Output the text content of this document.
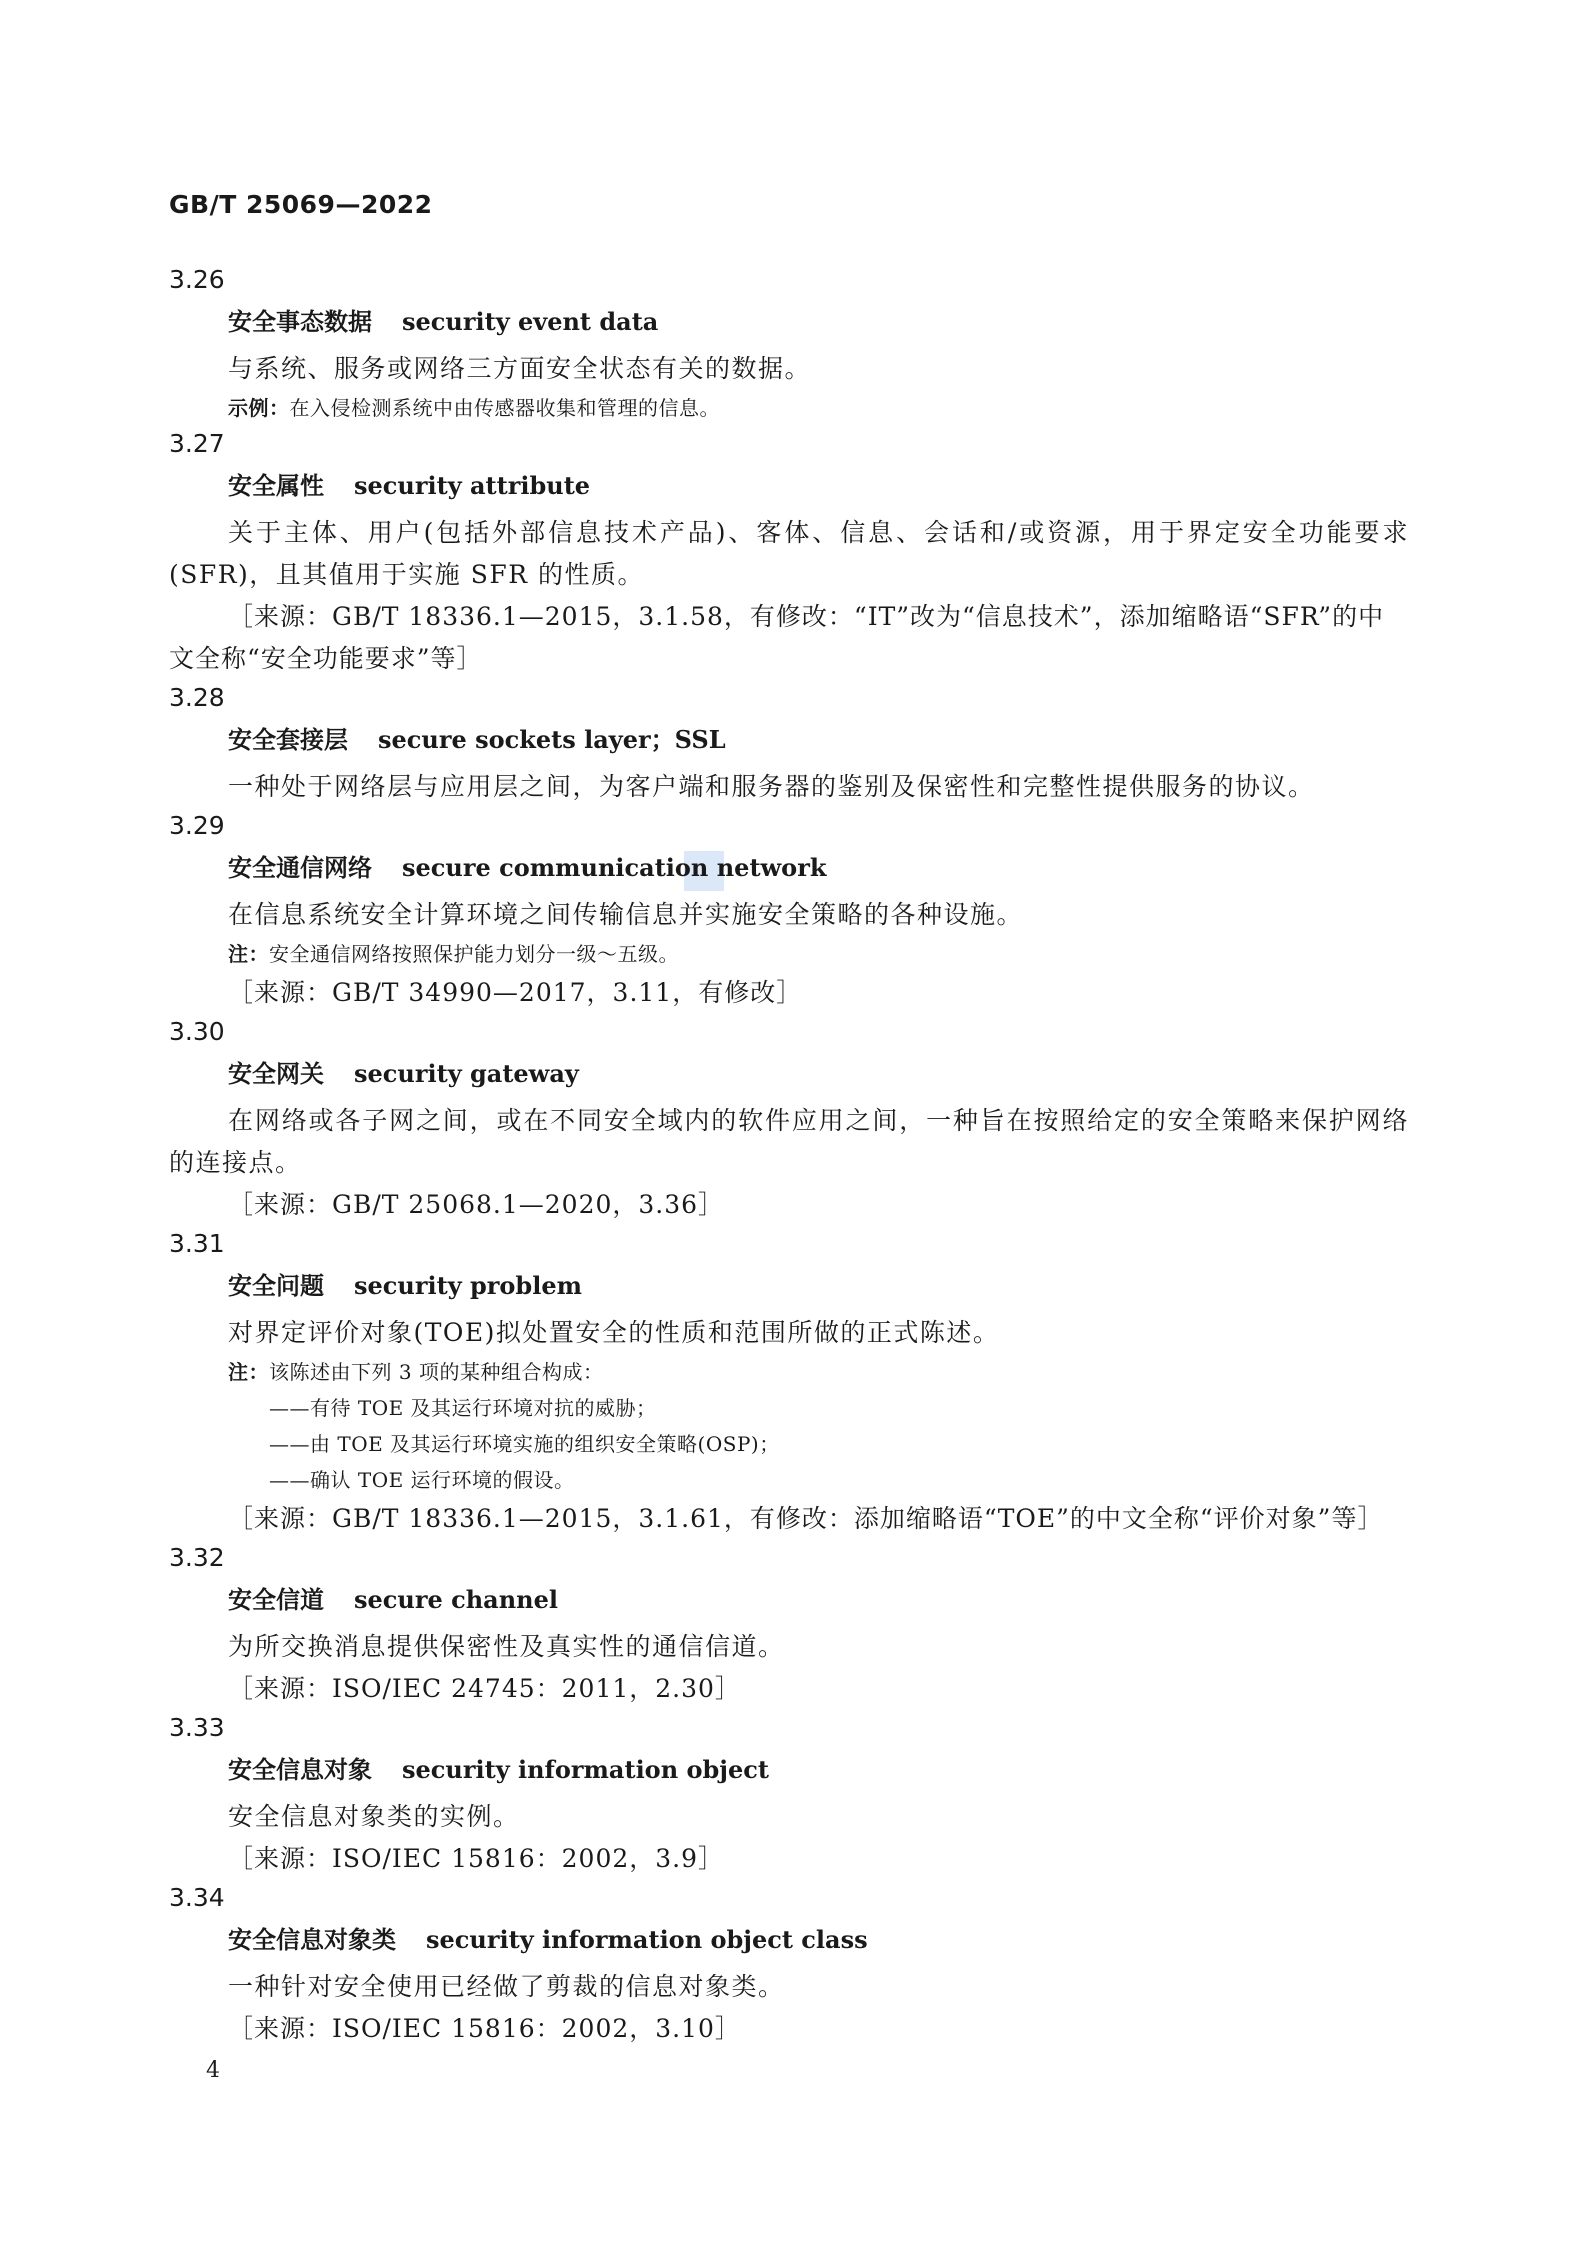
GB/T 25069—2022
3.26
安全事态数据 security event data

与系统、服务或网络三方面安全状态有关的数据。

示例：在入侵检测系统中由传感器收集和管理的信息。

3.27
安全属性 security attribute

关于主体、用户(包括外部信息技术产品)、客体、信息、会话和/或资源，用于界定安全功能要求(SFR)，且其值用于实施 SFR 的性质。

［来源：GB/T 18336.1—2015，3.1.58，有修改：“IT”改为“信息技术”，添加缩略语“SFR”的中文全称“安全功能要求”等］

3.28
安全套接层 secure sockets layer；SSL

一种处于网络层与应用层之间，为客户端和服务器的鉴别及保密性和完整性提供服务的协议。

3.29
安全通信网络 secure communication network

在信息系统安全计算环境之间传输信息并实施安全策略的各种设施。

注：安全通信网络按照保护能力划分一级～五级。

［来源：GB/T 34990—2017，3.11，有修改］

3.30
安全网关 security gateway

在网络或各子网之间，或在不同安全域内的软件应用之间，一种旨在按照给定的安全策略来保护网络的连接点。

［来源：GB/T 25068.1—2020，3.36］

3.31
安全问题 security problem

对界定评价对象(TOE)拟处置安全的性质和范围所做的正式陈述。

注：该陈述由下列 3 项的某种组合构成：

——有待 TOE 及其运行环境对抗的威胁；

——由 TOE 及其运行环境实施的组织安全策略(OSP)；

——确认 TOE 运行环境的假设。

［来源：GB/T 18336.1—2015，3.1.61，有修改：添加缩略语“TOE”的中文全称“评价对象”等］

3.32
安全信道 secure channel

为所交换消息提供保密性及真实性的通信信道。

［来源：ISO/IEC 24745：2011，2.30］

3.33
安全信息对象 security information object

安全信息对象类的实例。

［来源：ISO/IEC 15816：2002，3.9］

3.34
安全信息对象类 security information object class

一种针对安全使用已经做了剪裁的信息对象类。

［来源：ISO/IEC 15816：2002，3.10］

4
